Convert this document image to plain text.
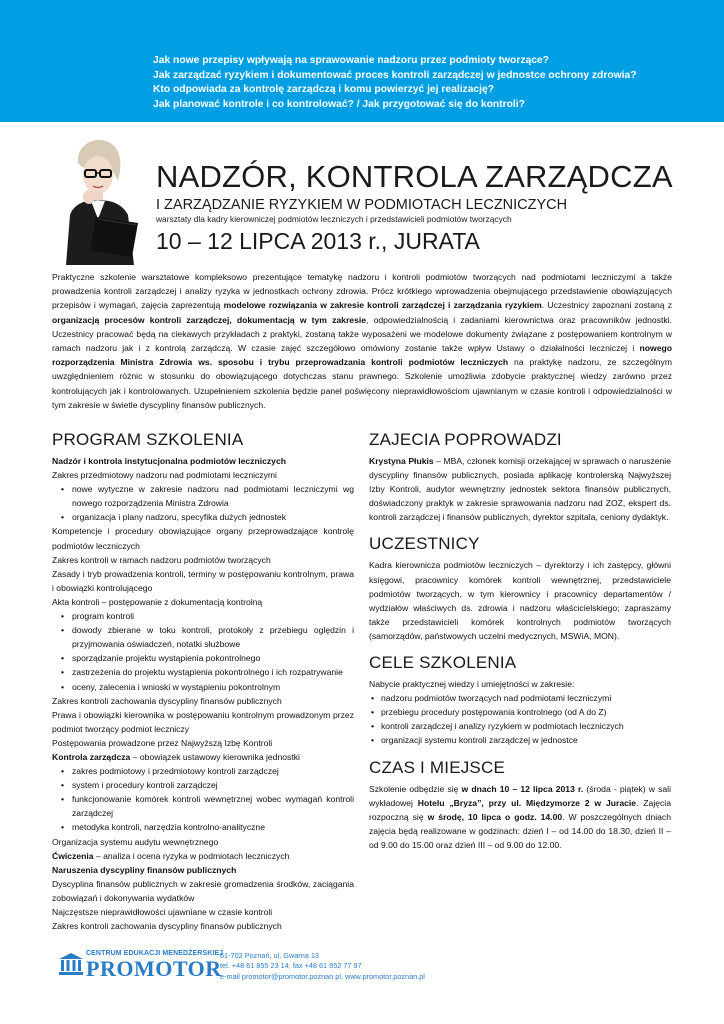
Jak nowe przepisy wpływają na sprawowanie nadzoru przez podmioty tworzące?
Jak zarządzać ryzykiem i dokumentować proces kontroli zarządczej w jednostce ochrony zdrowia?
Kto odpowiada za kontrolę zarządczą i komu powierzyć jej realizację?
Jak planować kontrole i co kontrolować? / Jak przygotować się do kontroli?
NADZÓR, KONTROLA ZARZĄDCZA
I ZARZĄDZANIE RYZYKIEM W PODMIOTACH LECZNICZYCH
warsztaty dla kadry kierowniczej podmiotów leczniczych i przedstawicieli podmiotów tworzących
10 – 12 LIPCA 2013 r., JURATA
Praktyczne szkolenie warsztatowe kompleksowo prezentujące tematykę nadzoru i kontroli podmiotów tworzących nad podmiotami leczniczymi a także prowadzenia kontroli zarządczej i analizy ryzyka w jednostkach ochrony zdrowia. Prócz krótkiego wprowadzenia obejmującego przedstawienie obowiązujących przepisów i wymagań, zajęcia zaprezentują modelowe rozwiązania w zakresie kontroli zarządczej i zarządzania ryzykiem. Uczestnicy zapoznani zostaną z organizacją procesów kontroli zarządczej, dokumentacją w tym zakresie, odpowiedzialnością i zadaniami kierownictwa oraz pracowników jednostki. Uczestnicy pracować będą na ciekawych przykładach z praktyki, zostaną także wyposażeni we modelowe dokumenty związane z postępowaniem kontrolnym w ramach nadzoru jak i z kontrolą zarządczą. W czasie zajęć szczegółowo omówiony zostanie także wpływ Ustawy o działalności leczniczej i nowego rozporządzenia Ministra Zdrowia ws. sposobu i trybu przeprowadzania kontroli podmiotów leczniczych na praktykę nadzoru, ze szczególnym uwzględnieniem różnic w stosunku do obowiązującego dotychczas stanu prawnego. Szkolenie umożliwia zdobycie praktycznej wiedzy zarówno przez kontrolujących jak i kontrolowanych. Uzupełnieniem szkolenia będzie panel poświęcony nieprawidłowościom ujawnianym w czasie kontroli i odpowiedzialności w tym zakresie w świetle dyscypliny finansów publicznych.
PROGRAM SZKOLENIA

Nadzór i kontrola instytucjonalna podmiotów leczniczych

Zakres przedmiotowy nadzoru nad podmiotami leczniczymi

• nowe wytyczne w zakresie nadzoru nad podmiotami leczniczymi wg nowego rozporządzenia Ministra Zdrowia
• organizacja i plany nadzoru, specyfika dużych jednostek

Kompetencje i procedury obowiązujące organy przeprowadzające kontrolę podmiotów leczniczych

Zakres kontroli w ramach nadzoru podmiotów tworzących

Zasady i tryb prowadzenia kontroli, terminy w postępowaniu kontrolnym, prawa i obowiązki kontrolującego

Akta kontroli – postępowanie z dokumentacją kontrolną

• program kontroli
• dowody zbierane w toku kontroli, protokoły z przebiegu oględzin i przyjmowania oświadczeń, notatki służbowe
• sporządzanie projektu wystąpienia pokontrolnego
• zastrzeżenia do projektu wystąpienia pokontrolnego i ich rozpatrywanie
• oceny, zalecenia i wnioski w wystąpieniu pokontrolnym

Zakres kontroli zachowania dyscypliny finansów publicznych

Prawa i obowiązki kierownika w postępowaniu kontrolnym prowadzonym przez podmiot tworzący podmiot leczniczy

Postępowania prowadzone przez Najwyższą Izbę Kontroli

Kontrola zarządcza – obowiązek ustawowy kierownika jednostki

• zakres podmiotowy i przedmiotowy kontroli zarządczej
• system i procedury kontroli zarządczej
• funkcjonowanie komórek kontroli wewnętrznej wobec wymagań kontroli zarządczej
• metodyka kontroli, narzędzia kontrolno-analityczne

Organizacja systemu audytu wewnętrznego

Ćwiczenia – analiza i ocena ryzyka w podmiotach leczniczych

Naruszenia dyscypliny finansów publicznych

Dyscyplina finansów publicznych w zakresie gromadzenia środków, zaciągania zobowiązań i dokonywania wydatków

Najczęstsze nieprawidłowości ujawniane w czasie kontroli

Zakres kontroli zachowania dyscypliny finansów publicznych

ZAJECIA POPROWADZI

Krystyna Płukis – MBA, członek komisji orzekającej w sprawach o naruszenie dyscypliny finansów publicznych, posiada aplikację kontrolerską Najwyższej Izby Kontroli, audytor wewnętrzny jednostek sektora finansów publicznych, doświadczony praktyk w zakresie sprawowania nadzoru nad ZOZ, ekspert ds. kontroli zarządczej i finansów publicznych, dyrektor szpitala, ceniony dydaktyk.

UCZESTNICY

Kadra kierownicza podmiotów leczniczych – dyrektorzy i ich zastępcy, główni księgowi, pracownicy komórek kontroli wewnętrznej, przedstawiciele podmiotów tworzących, w tym kierownicy i pracownicy departamentów / wydziałów właściwych ds. zdrowia i nadzoru właścicielskiego; zapraszamy także przedstawicieli komórek kontrolnych podmiotów tworzących (samorządów, państwowych uczelni medycznych, MSWiA, MON).

CELE SZKOLENIA

Nabycie praktycznej wiedzy i umiejętności w zakresie:

• nadzoru podmiotów tworzących nad podmiotami leczniczymi
• przebiegu procedury postępowania kontrolnego (od A do Z)
• kontroli zarządczej i analizy ryzykiem w podmiotach leczniczych
• organizacji systemu kontroli zarządczej w jednostce
CZAS I MIEJSCE

Szkolenie odbędzie się w dnach 10 – 12 lipca 2013 r. (środa - piątek) w sali wykładowej Hotelu „Bryza”, przy ul. Międzymorze 2 w Juracie. Zajęcia rozpoczną się w środę, 10 lipca o godz. 14.00. W poszczególnych dniach zajęcia będą realizowane w godzinach: dzień I – od 14.00 do 18.30, dzień II – od 9.00 do 15.00 oraz dzień III – od 9.00 do 12.00.

CENTRUM EDUKACJI MENEDŻERSKIEJ
PROMOTOR
61-702 Poznań, ul. Gwarna 13
tel. +48 61 855 23 14, fax +48 61 852 77 97
e-mail promotor@promotor.poznan.pl, www.promotor.poznan.pl
